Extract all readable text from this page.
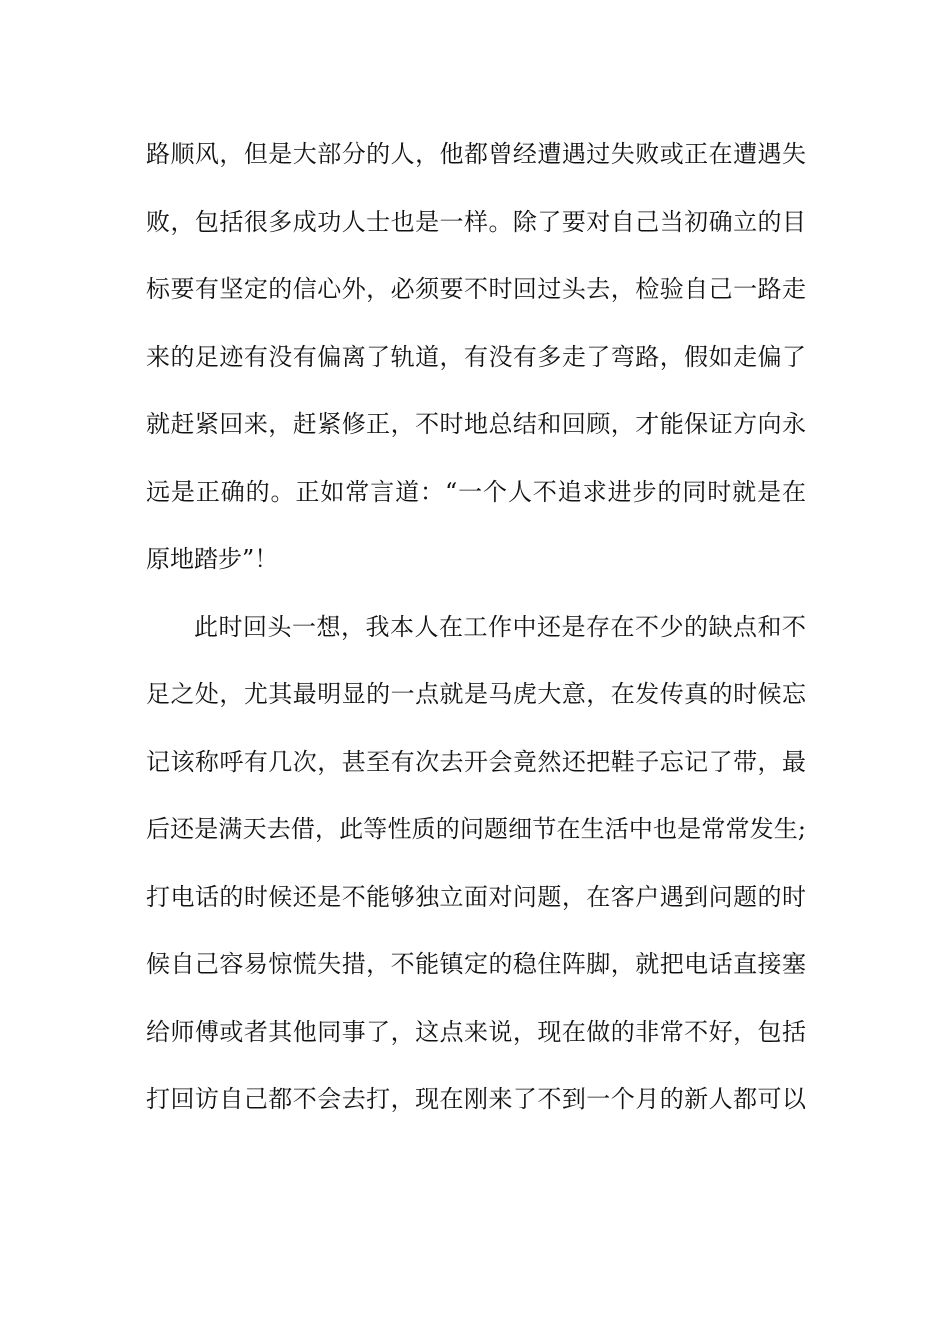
路顺风，但是大部分的人，他都曾经遭遇过失败或正在遭遇失
败，包括很多成功人士也是一样。除了要对自己当初确立的目
标要有坚定的信心外，必须要不时回过头去，检验自己一路走
来的足迹有没有偏离了轨道，有没有多走了弯路，假如走偏了
就赶紧回来，赶紧修正，不时地总结和回顾，才能保证方向永
远是正确的。正如常言道：“一个人不追求进步的同时就是在
原地踏步”！
此时回头一想，我本人在工作中还是存在不少的缺点和不
足之处，尤其最明显的一点就是马虎大意，在发传真的时候忘
记该称呼有几次，甚至有次去开会竟然还把鞋子忘记了带，最
后还是满天去借，此等性质的问题细节在生活中也是常常发生;
打电话的时候还是不能够独立面对问题，在客户遇到问题的时
候自己容易惊慌失措，不能镇定的稳住阵脚，就把电话直接塞
给师傅或者其他同事了，这点来说，现在做的非常不好，包括
打回访自己都不会去打，现在刚来了不到一个月的新人都可以
